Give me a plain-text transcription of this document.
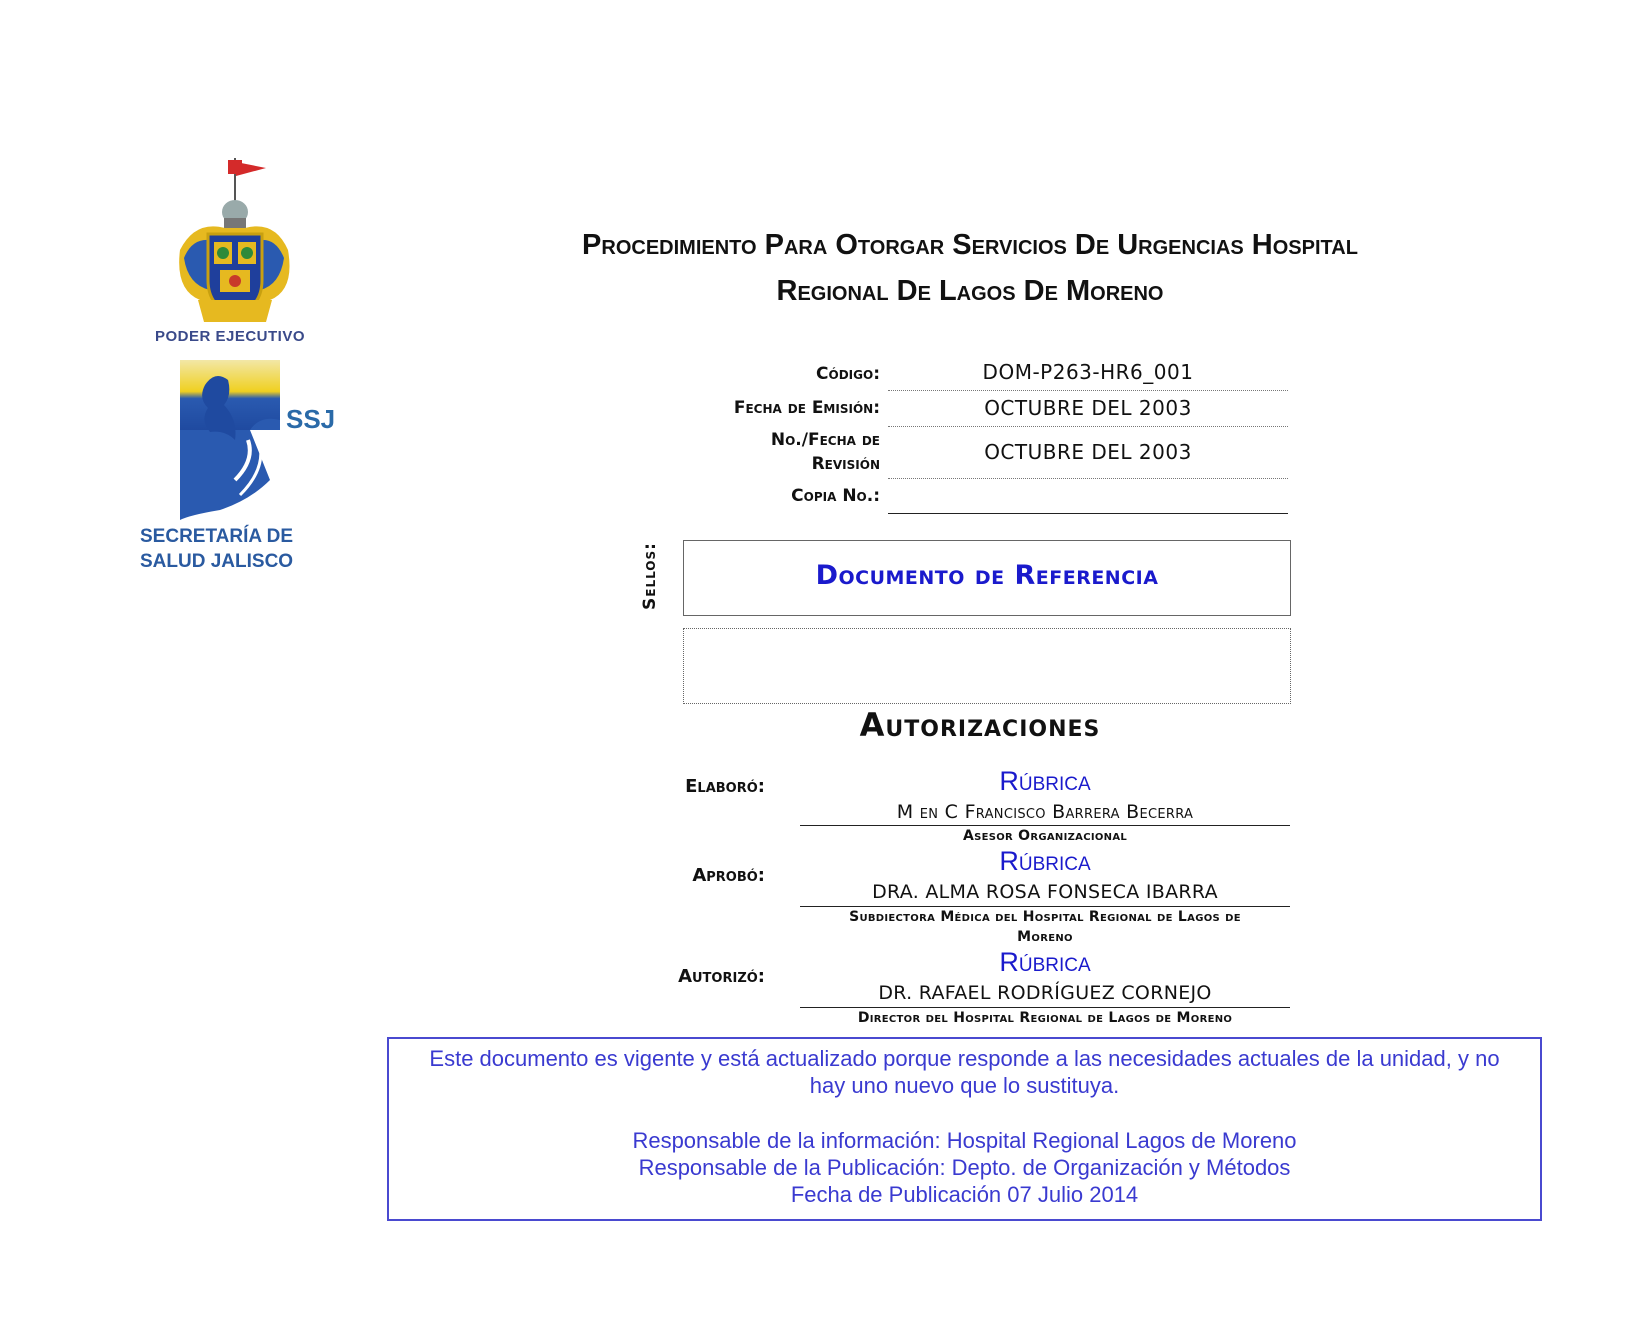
PODER EJECUTIVO
SSJ
SECRETARÍA DE
SALUD JALISCO
Procedimiento Para Otorgar Servicios De Urgencias Hospital
Regional De Lagos De Moreno
Código:	DOM-P263-HR6_001
Fecha de Emisión:	OCTUBRE DEL 2003
No./Fecha de
Revisión	OCTUBRE DEL 2003
Copia No.:
Sellos:	Documento de Referencia
Autorizaciones
Elaboró:	Rúbrica
M en C Francisco Barrera Becerra
Asesor Organizacional
Aprobó:	Rúbrica
DRA. ALMA ROSA FONSECA IBARRA
Subdiectora Médica del Hospital Regional de Lagos de
Moreno
Autorizó:	Rúbrica
DR. RAFAEL RODRÍGUEZ CORNEJO
Director del Hospital Regional de Lagos de Moreno
Este documento es vigente y está actualizado porque responde a las necesidades actuales de la unidad, y no
hay uno nuevo que lo sustituya.
Responsable de la información: Hospital Regional Lagos de Moreno
Responsable de la Publicación: Depto. de Organización y Métodos
Fecha de Publicación 07 Julio 2014
